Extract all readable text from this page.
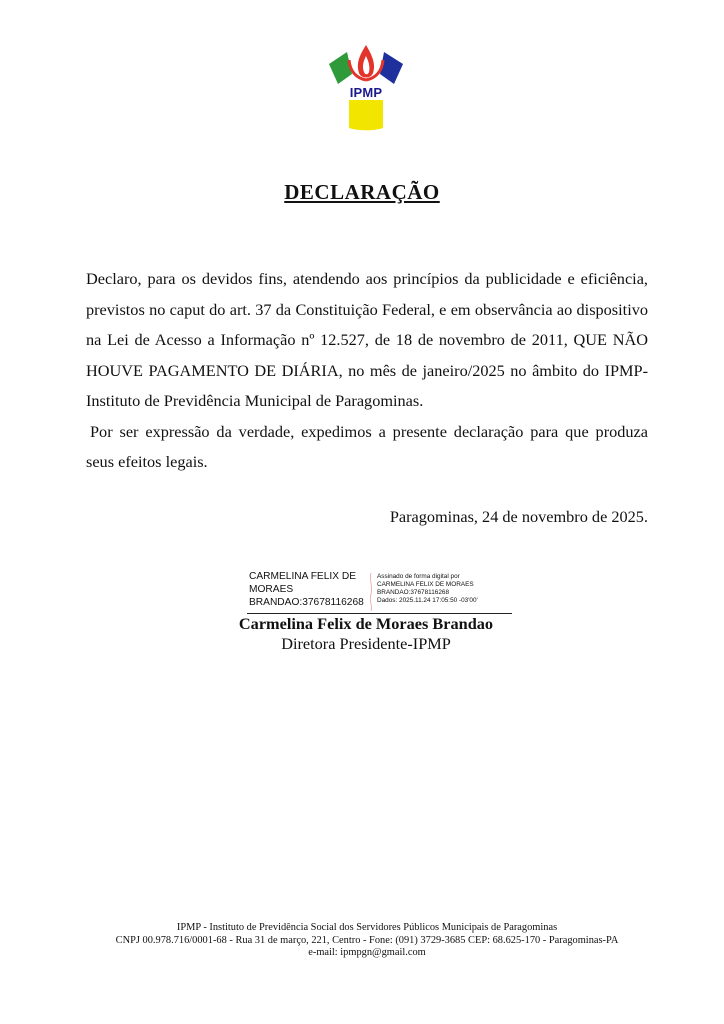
IPMP
DECLARAÇÃO

Declaro, para os devidos fins, atendendo aos princípios da publicidade e eficiência, previstos no caput do art. 37 da Constituição Federal, e em observância ao dispositivo na Lei de Acesso a Informação nº 12.527, de 18 de novembro de 2011, QUE NÃO HOUVE PAGAMENTO DE DIÁRIA, no mês de janeiro/2025 no âmbito do IPMP-Instituto de Previdência Municipal de Paragominas.

Por ser expressão da verdade, expedimos a presente declaração para que produza seus efeitos legais.

Paragominas, 24 de novembro de 2025.
CARMELINA FELIX DE
MORAES
BRANDAO:37678116268
Assinado de forma digital por
CARMELINA FELIX DE MORAES
BRANDAO:37678116268
Dados: 2025.11.24 17:05:50 -03'00'
Carmelina Felix de Moraes Brandao
Diretora Presidente-IPMP
IPMP - Instituto de Previdência Social dos Servidores Públicos Municipais de Paragominas
CNPJ 00.978.716/0001-68 - Rua 31 de março, 221, Centro - Fone: (091) 3729-3685 CEP: 68.625-170 - Paragominas-PA
e-mail: ipmpgn@gmail.com
